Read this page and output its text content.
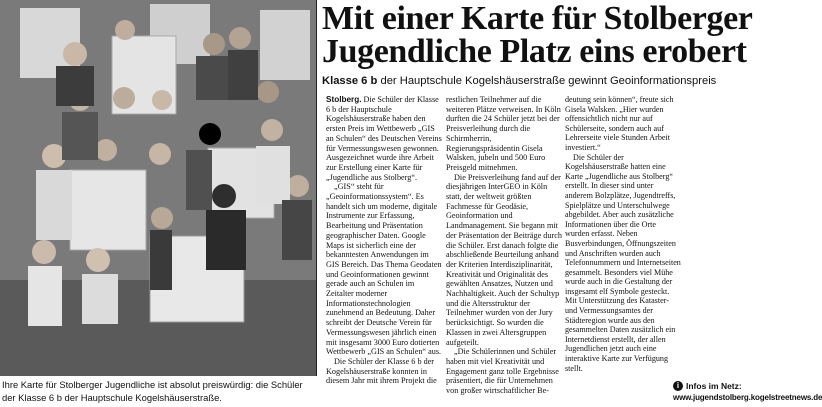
Ihre Karte für Stolberger Jugendliche ist absolut preiswürdig: die Schüler der Klasse 6 b der Hauptschule Kogelshäuserstraße.

Mit einer Karte für Stolberger
Jugendliche Platz eins erobert

Klasse 6 b der Hauptschule Kogelshäuserstraße gewinnt Geoinformationspreis

Stolberg. Die Schüler der Klasse 6 b der Hauptschule Kogelshäuserstraße haben den ersten Preis im Wettbewerb „GIS an Schulen“ des Deutschen Vereins für Vermessungswesen gewonnen. Ausgezeichnet wurde ihre Arbeit zur Erstellung einer Karte für „Jugendliche aus Stolberg“.

„GIS“ steht für „Geoinformationssystem“. Es handelt sich um moderne, digitale Instrumente zur Erfassung, Bearbeitung und Präsentation geographischer Daten. Google Maps ist sicherlich eine der bekanntesten Anwendungen im GIS Bereich. Das Thema Geodaten und Geoinformationen gewinnt gerade auch an Schulen im Zeitalter moderner Informationstechnologien zunehmend an Bedeutung. Daher schreibt der Deutsche Verein für Vermessungswesen jährlich einen mit insgesamt 3000 Euro dotierten Wettbewerb „GIS an Schulen“ aus.

Die Schüler der Klasse 6 b der Kogelshäuserstraße konnten in diesem Jahr mit ihrem Projekt die

restlichen Teilnehmer auf die weiteren Plätze verweisen. In Köln durften die 24 Schüler jetzt bei der Preisverleihung durch die Schirmherrin, Regierungspräsidentin Gisela Walsken, jubeln und 500 Euro Preisgeld mitnehmen.

Die Preisverleihung fand auf der diesjährigen InterGEO in Köln statt, der weltweit größten Fachmesse für Geodäsie, Geoinformation und Landmanagement. Sie begann mit der Präsentation der Beiträge durch die Schüler. Erst danach folgte die abschließende Beurteilung anhand der Kriterien Interdisziplinarität, Kreativität und Originalität des gewählten Ansatzes, Nutzen und Nachhaltigkeit. Auch der Schultyp und die Altersstruktur der Teilnehmer wurden von der Jury berücksichtigt. So wurden die Klassen in zwei Altersgruppen aufgeteilt.

„Die Schülerinnen und Schüler haben mit viel Kreativität und Engagement ganz tolle Ergebnisse präsentiert, die für Unternehmen von großer wirtschaftlicher Be-

deutung sein können“, freute sich Gisela Walsken. „Hier wurden offensichtlich nicht nur auf Schülerseite, sondern auch auf Lehrerseite viele Stunden Arbeit investiert.“

Die Schüler der Kogelshäuserstraße hatten eine Karte „Jugendliche aus Stolberg“ erstellt. In dieser sind unter anderem Bolzplätze, Jugendtreffs, Spielplätze und Unterschulwege abgebildet. Aber auch zusätzliche Informationen über die Orte wurden erfasst. Neben Busverbindungen, Öffnungszeiten und Anschriften wurden auch Telefonnummern und Internetseiten gesammelt. Besonders viel Mühe wurde auch in die Gestaltung der insgesamt elf Symbole gesteckt. Mit Unterstützung des Kataster- und Vermessungsamtes der Städteregion wurde aus den gesammelten Daten zusätzlich ein Internetdienst erstellt, der allen Jugendlichen jetzt auch eine interaktive Karte zur Verfügung stellt.

i Infos im Netz:
www.jugendstolberg.kogelstreetnews.de
